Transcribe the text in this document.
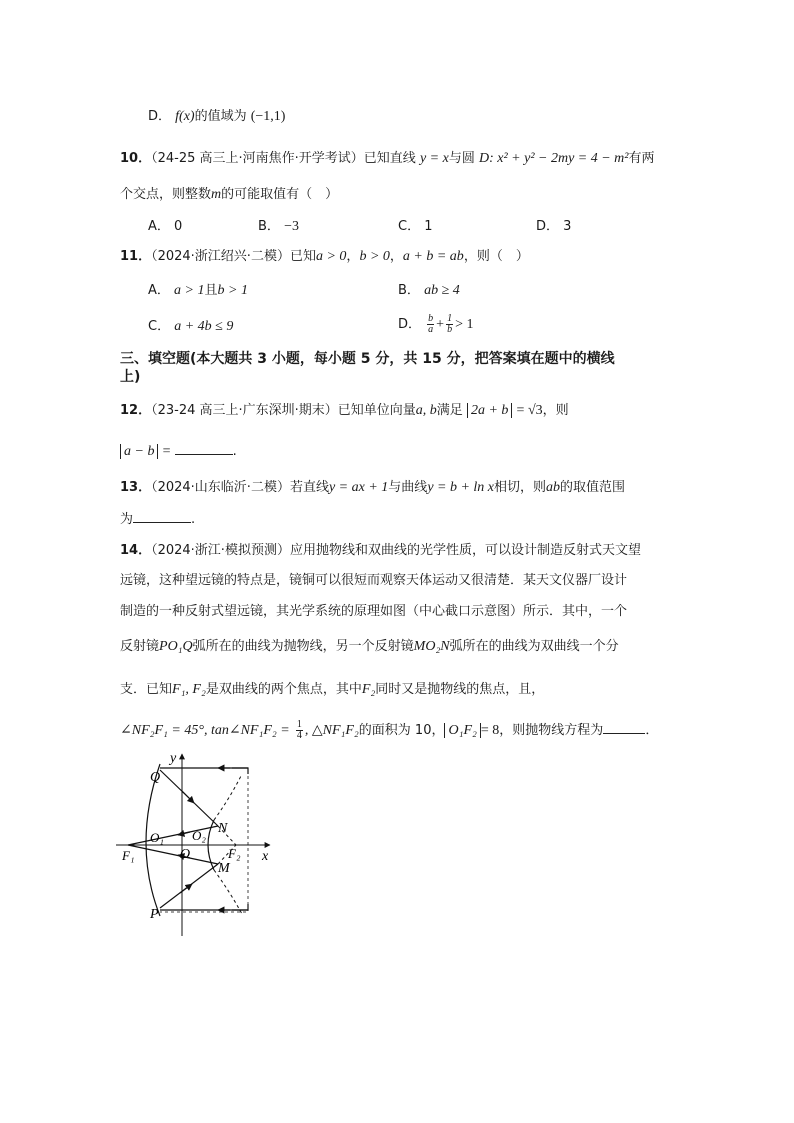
D． f(x)的值域为 (−1,1)
10．（24-25 高三上·河南焦作·开学考试）已知直线 y = x与圆 D: x² + y² − 2my = 4 − m²有两
个交点，则整数m的可能取值有（　）
A． 0	B． −3	C． 1	D． 3
11．（2024·浙江绍兴·二模）已知a > 0，b > 0，a + b = ab，则（　）
A． a > 1且b > 1	B． ab ≥ 4
C． a + 4b ≤ 9	D． $\frac{b}{a} + \frac{1}{b} > 1$
三、填空题(本大题共 3 小题，每小题 5 分，共 15 分，把答案填在题中的横线
上)
12．（23-24 高三上·广东深圳·期末）已知单位向量a, b满足 2a + b = √3，则
a − b =	.
13．（2024·山东临沂·二模）若直线y = ax + 1与曲线y = b + ln x相切，则ab的取值范围
为	.
14．（2024·浙江·模拟预测）应用抛物线和双曲线的光学性质，可以设计制造反射式天文望
远镜，这种望远镜的特点是，镜铜可以很短而观察天体运动又很清楚．某天文仪器厂设计
制造的一种反射式望远镜，其光学系统的原理如图（中心截口示意图）所示．其中，一个
反射镜PO₁Q弧所在的曲线为抛物线，另一个反射镜MO₂N弧所在的曲线为双曲线一个分
支．已知F₁, F₂是双曲线的两个焦点，其中F₂同时又是抛物线的焦点，且，
∠NF₂F₁ = 45°, tan∠NF₁F₂ = $\frac{1}{4}$ , △NF₁F₂的面积为 10， O₁F₂ = 8，则抛物线方程为	．
y
x
Q
P
N
M
O
O₁ O₂
F₁	F₂
